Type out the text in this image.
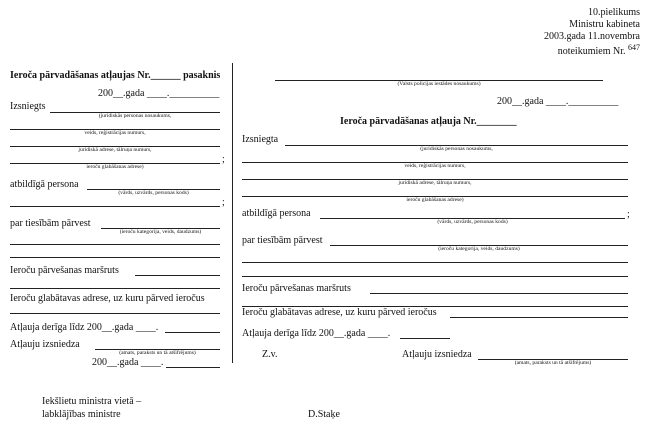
10.pielikums
Ministru kabineta
2003.gada 11.novembra
noteikumiem Nr. $^{647}$
Ieroča pārvadāšanas atļaujas Nr.______ pasaknis
200__.gada ____.__________
Izsniegts
(juridiskās personas nosaukums,
veids, reģistrācijas numurs,
juridiskā adrese, tālruņa numurs,
;
ieroču glabāšanas adrese)
atbildīgā persona
(vārds, uzvārds, personas kods)
;
par tiesībām pārvest
(ieroču kategorija, veids, daudzums)
Ieroču pārvešanas maršruts
Ieroču glabātavas adrese, uz kuru pārved ieročus
Atļauja derīga līdz 200__.gada ____.
Atļauju izsniedza
(amats, paraksts un tā atšifrējums)
200__.gada ____.
(Valsts policijas iestādes nosaukums)
200__.gada ____.__________
Ieroča pārvadāšanas atļauja Nr.________
Izsniegta
(juridiskās personas nosaukums,
veids, reģistrācijas numurs,
juridiskā adrese, tālruņa numurs,
ieroču glabāšanas adrese)
atbildīgā persona	;
(vārds, uzvārds, personas kods)
par tiesībām pārvest
(ieroču kategorija, veids, daudzums)
Ieroču pārvešanas maršruts
Ieroču glabātavas adrese, uz kuru pārved ieročus
Atļauja derīga līdz 200__.gada ____.
Z.v.	Atļauju izsniedza
(amats, paraksts un tā atšifrējums)
Iekšlietu ministra vietā –
labklājības ministre	D.Staķe
